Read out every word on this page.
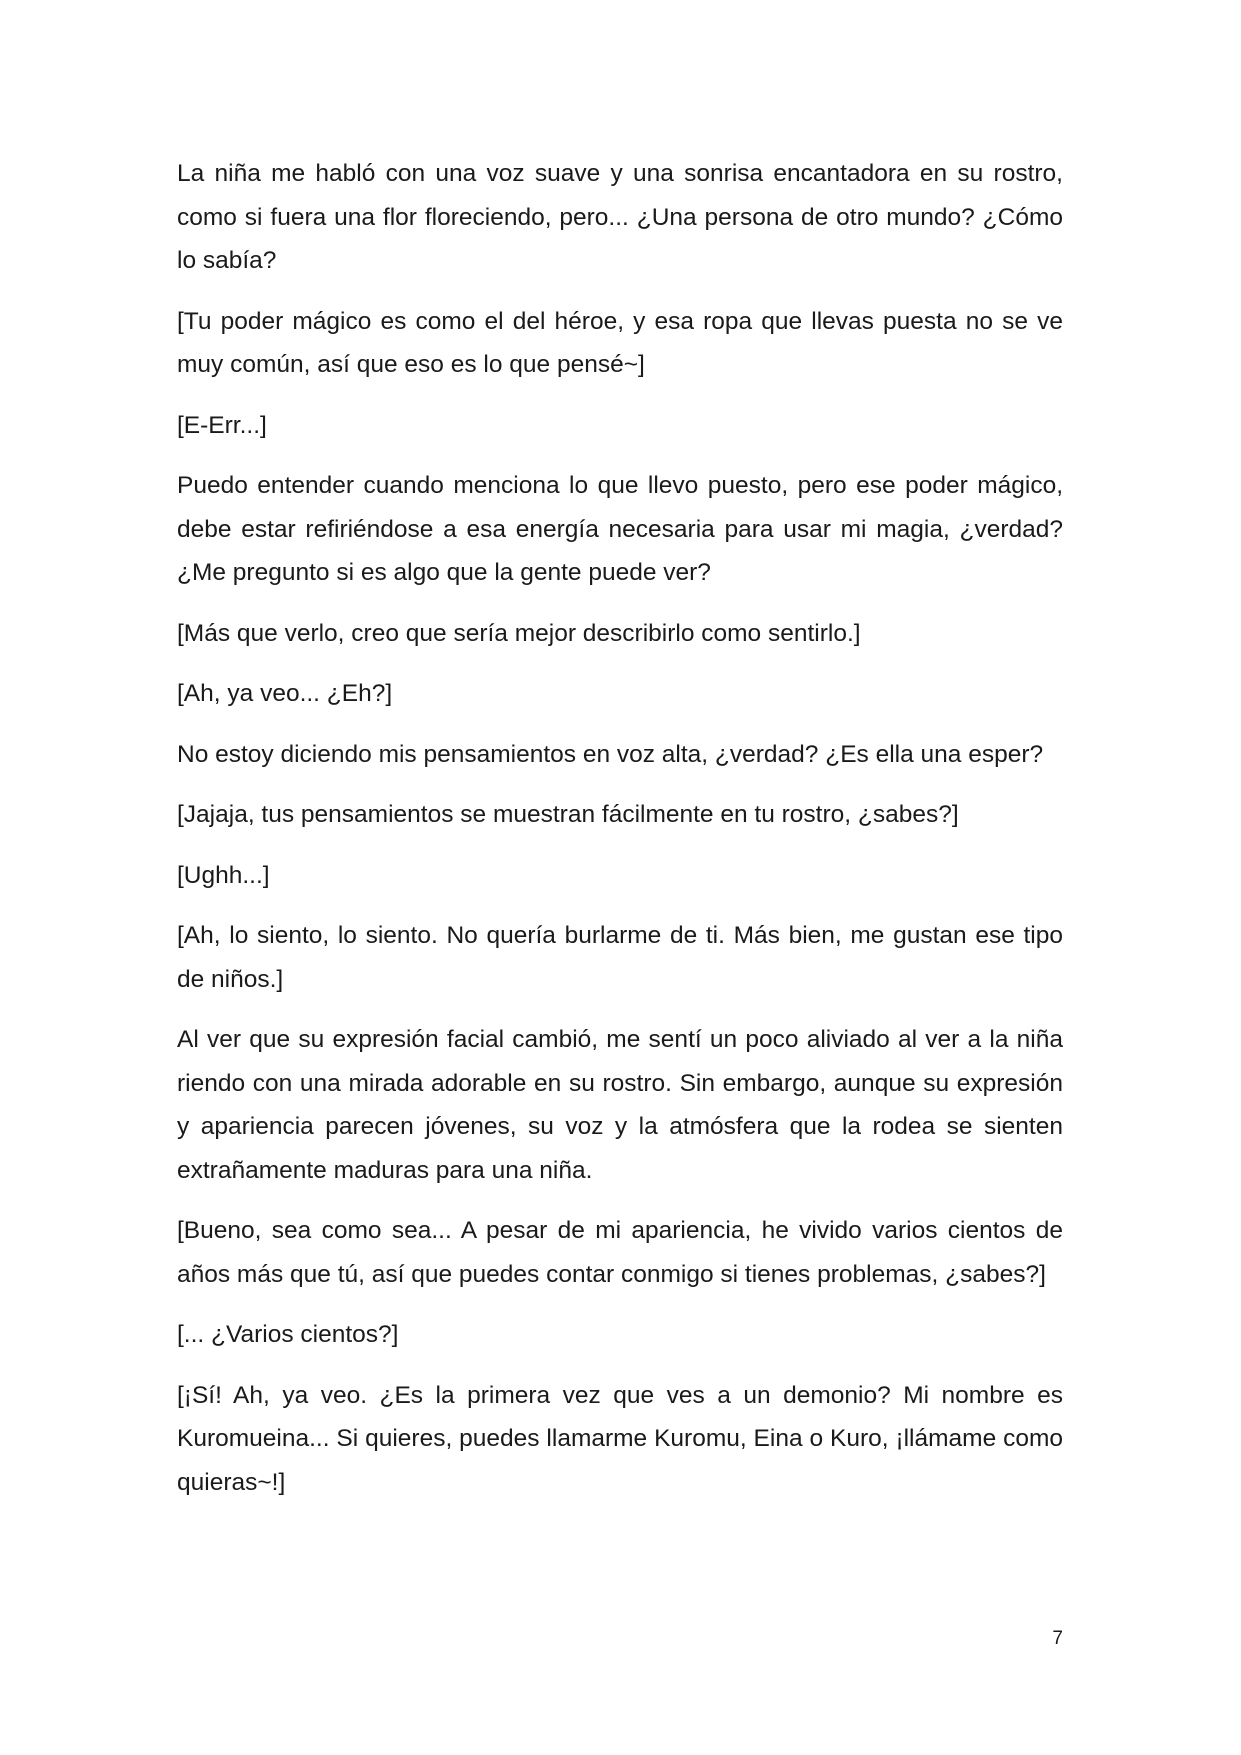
La niña me habló con una voz suave y una sonrisa encantadora en su rostro, como si fuera una flor floreciendo, pero... ¿Una persona de otro mundo? ¿Cómo lo sabía?

[Tu poder mágico es como el del héroe, y esa ropa que llevas puesta no se ve muy común, así que eso es lo que pensé~]

[E-Err...]

Puedo entender cuando menciona lo que llevo puesto, pero ese poder mágico, debe estar refiriéndose a esa energía necesaria para usar mi magia, ¿verdad? ¿Me pregunto si es algo que la gente puede ver?

[Más que verlo, creo que sería mejor describirlo como sentirlo.]

[Ah, ya veo... ¿Eh?]

No estoy diciendo mis pensamientos en voz alta, ¿verdad? ¿Es ella una esper?

[Jajaja, tus pensamientos se muestran fácilmente en tu rostro, ¿sabes?]

[Ughh...]

[Ah, lo siento, lo siento. No quería burlarme de ti. Más bien, me gustan ese tipo de niños.]

Al ver que su expresión facial cambió, me sentí un poco aliviado al ver a la niña riendo con una mirada adorable en su rostro. Sin embargo, aunque su expresión y apariencia parecen jóvenes, su voz y la atmósfera que la rodea se sienten extrañamente maduras para una niña.

[Bueno, sea como sea... A pesar de mi apariencia, he vivido varios cientos de años más que tú, así que puedes contar conmigo si tienes problemas, ¿sabes?]

[... ¿Varios cientos?]

[¡Sí! Ah, ya veo. ¿Es la primera vez que ves a un demonio? Mi nombre es Kuromueina... Si quieres, puedes llamarme Kuromu, Eina o Kuro, ¡llámame como quieras~!]

7
